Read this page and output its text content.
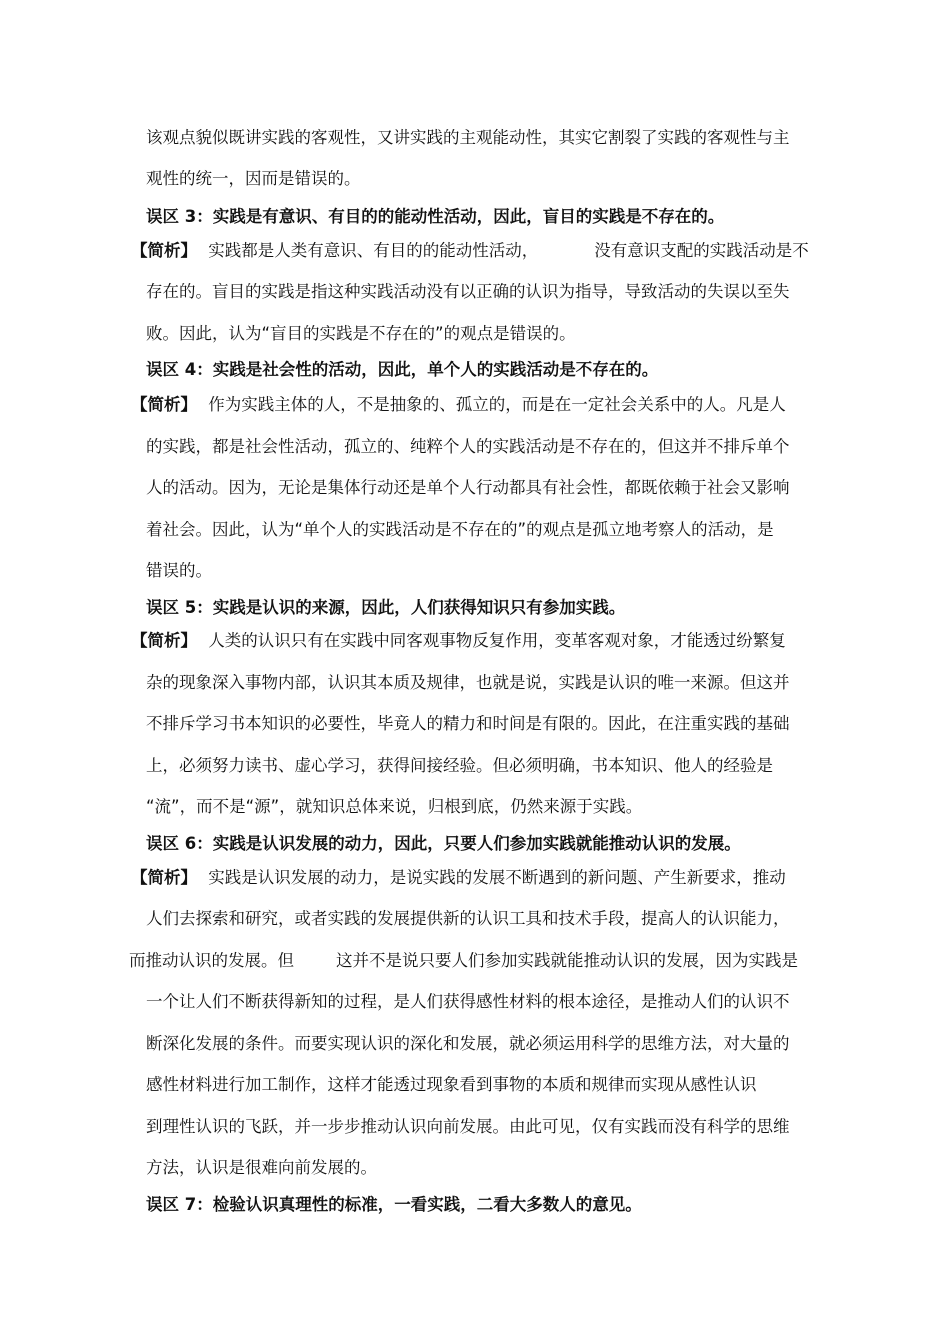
该观点貌似既讲实践的客观性，又讲实践的主观能动性，其实它割裂了实践的客观性与主
观性的统一，因而是错误的。
误区 3：实践是有意识、有目的的能动性活动，因此，盲目的实践是不存在的。
【简析】 实践都是人类有意识、有目的的能动性活动，	没有意识支配的实践活动是不
存在的。盲目的实践是指这种实践活动没有以正确的认识为指导，导致活动的失误以至失
败。因此，认为“盲目的实践是不存在的”的观点是错误的。
误区 4：实践是社会性的活动，因此，单个人的实践活动是不存在的。
【简析】 作为实践主体的人，不是抽象的、孤立的，而是在一定社会关系中的人。凡是人
的实践，都是社会性活动，孤立的、纯粹个人的实践活动是不存在的，但这并不排斥单个
人的活动。因为，无论是集体行动还是单个人行动都具有社会性，都既依赖于社会又影响
着社会。因此，认为“单个人的实践活动是不存在的”的观点是孤立地考察人的活动，是
错误的。
误区 5：实践是认识的来源，因此，人们获得知识只有参加实践。
【简析】 人类的认识只有在实践中同客观事物反复作用，变革客观对象，才能透过纷繁复
杂的现象深入事物内部，认识其本质及规律，也就是说，实践是认识的唯一来源。但这并
不排斥学习书本知识的必要性，毕竟人的精力和时间是有限的。因此，在注重实践的基础
上，必须努力读书、虚心学习，获得间接经验。但必须明确，书本知识、他人的经验是
“流”，而不是“源”，就知识总体来说，归根到底，仍然来源于实践。
误区 6：实践是认识发展的动力，因此，只要人们参加实践就能推动认识的发展。
【简析】 实践是认识发展的动力，是说实践的发展不断遇到的新问题、产生新要求，推动
人们去探索和研究，或者实践的发展提供新的认识工具和技术手段，提高人的认识能力，
而推动认识的发展。但	这并不是说只要人们参加实践就能推动认识的发展，因为实践是
一个让人们不断获得新知的过程，是人们获得感性材料的根本途径，是推动人们的认识不
断深化发展的条件。而要实现认识的深化和发展，就必须运用科学的思维方法，对大量的
感性材料进行加工制作，这样才能透过现象看到事物的本质和规律而实现从感性认识
到理性认识的飞跃，并一步步推动认识向前发展。由此可见，仅有实践而没有科学的思维
方法，认识是很难向前发展的。
误区 7：检验认识真理性的标准，一看实践，二看大多数人的意见。
